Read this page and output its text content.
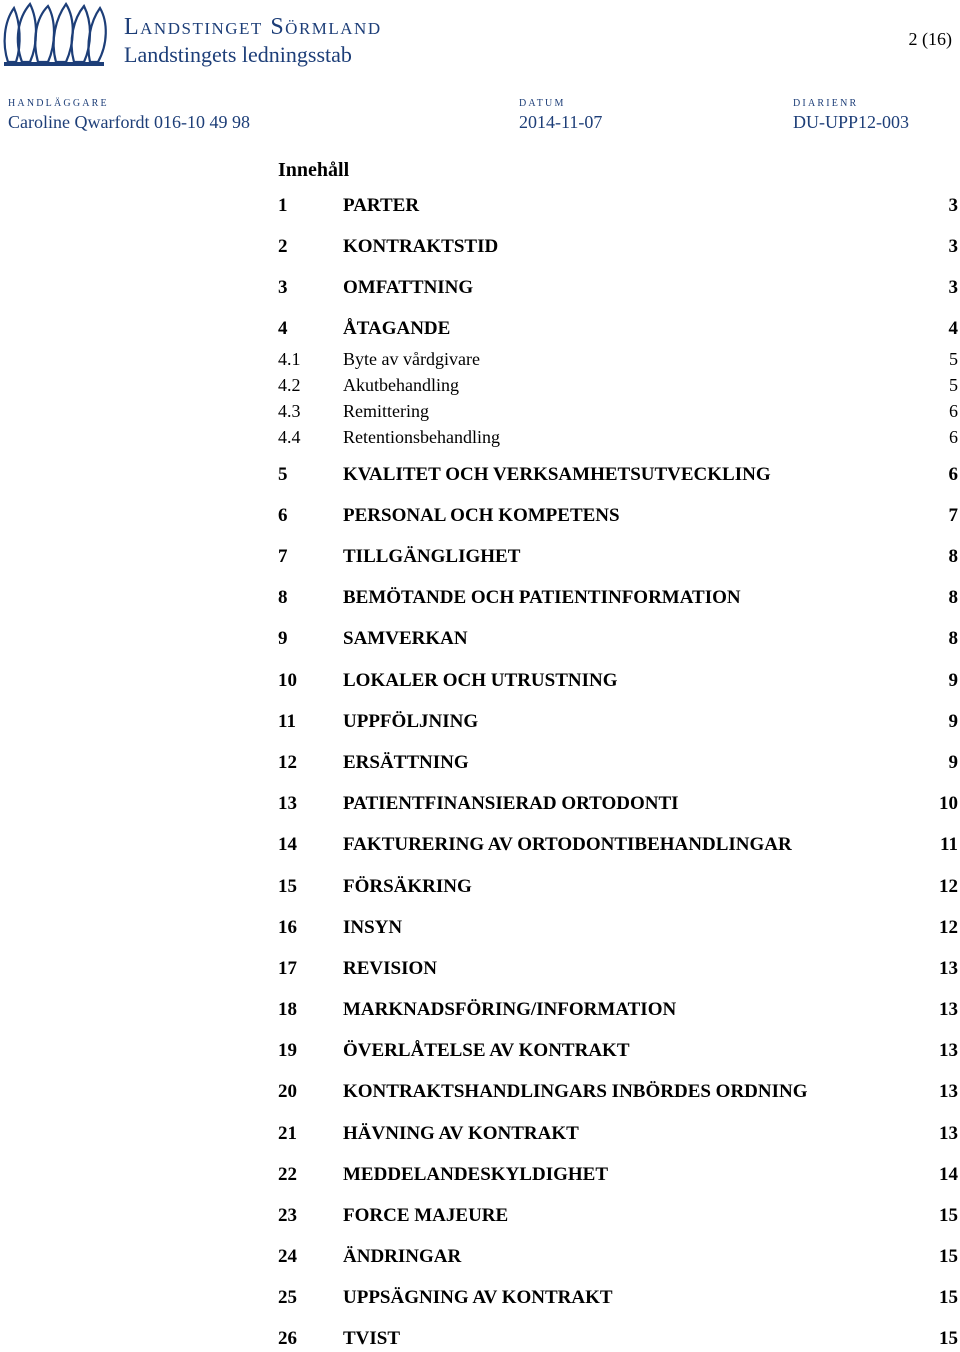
Landstinget Sörmland
Landstingets ledningsstab
2 (16)
HANDLÄGGARE
Caroline Qwarfordt 016-10 49 98
DATUM
2014-11-07
DIARIENR
DU-UPP12-003
Innehåll
1	PARTER	3
2	KONTRAKTSTID	3
3	OMFATTNING	3
4	ÅTAGANDE	4
4.1 Byte av vårdgivare	5
4.2 Akutbehandling	5
4.3 Remittering	6
4.4 Retentionsbehandling	6
5	KVALITET OCH VERKSAMHETSUTVECKLING	6
6	PERSONAL OCH KOMPETENS	7
7	TILLGÄNGLIGHET	8
8	BEMÖTANDE OCH PATIENTINFORMATION	8
9	SAMVERKAN	8
10 LOKALER OCH UTRUSTNING	9
11 UPPFÖLJNING	9
12 ERSÄTTNING	9
13 PATIENTFINANSIERAD ORTODONTI	10
14 FAKTURERING AV ORTODONTIBEHANDLINGAR	11
15 FÖRSÄKRING	12
16 INSYN	12
17 REVISION	13
18 MARKNADSFÖRING/INFORMATION	13
19 ÖVERLÅTELSE AV KONTRAKT	13
20 KONTRAKTSHANDLINGARS INBÖRDES ORDNING	13
21 HÄVNING AV KONTRAKT	13
22 MEDDELANDESKYLDIGHET	14
23 FORCE MAJEURE	15
24 ÄNDRINGAR	15
25 UPPSÄGNING AV KONTRAKT	15
26 TVIST	15
